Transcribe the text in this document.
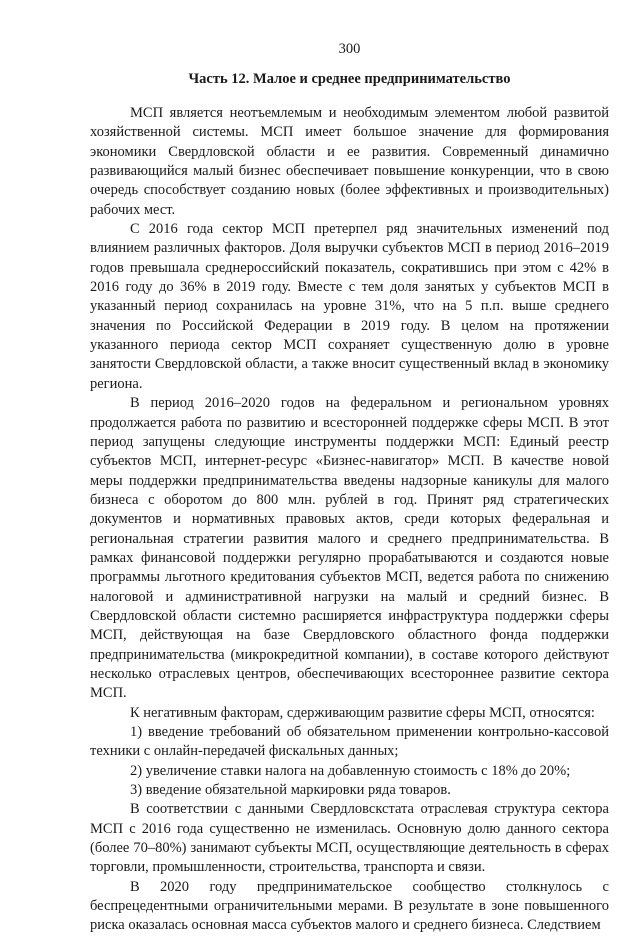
300
Часть 12. Малое и среднее предпринимательство

МСП является неотъемлемым и необходимым элементом любой развитой хозяйственной системы. МСП имеет большое значение для формирования экономики Свердловской области и ее развития. Современный динамично развивающийся малый бизнес обеспечивает повышение конкуренции, что в свою очередь способствует созданию новых (более эффективных и производительных) рабочих мест.

С 2016 года сектор МСП претерпел ряд значительных изменений под влиянием различных факторов. Доля выручки субъектов МСП в период 2016–2019 годов превышала среднероссийский показатель, сократившись при этом с 42% в 2016 году до 36% в 2019 году. Вместе с тем доля занятых у субъектов МСП в указанный период сохранилась на уровне 31%, что на 5 п.п. выше среднего значения по Российской Федерации в 2019 году. В целом на протяжении указанного периода сектор МСП сохраняет существенную долю в уровне занятости Свердловской области, а также вносит существенный вклад в экономику региона.

В период 2016–2020 годов на федеральном и региональном уровнях продолжается работа по развитию и всесторонней поддержке сферы МСП. В этот период запущены следующие инструменты поддержки МСП: Единый реестр субъектов МСП, интернет-ресурс «Бизнес-навигатор» МСП. В качестве новой меры поддержки предпринимательства введены надзорные каникулы для малого бизнеса с оборотом до 800 млн. рублей в год. Принят ряд стратегических документов и нормативных правовых актов, среди которых федеральная и региональная стратегии развития малого и среднего предпринимательства. В рамках финансовой поддержки регулярно прорабатываются и создаются новые программы льготного кредитования субъектов МСП, ведется работа по снижению налоговой и административной нагрузки на малый и средний бизнес. В Свердловской области системно расширяется инфраструктура поддержки сферы МСП, действующая на базе Свердловского областного фонда поддержки предпринимательства (микрокредитной компании), в составе которого действуют несколько отраслевых центров, обеспечивающих всестороннее развитие сектора МСП.

К негативным факторам, сдерживающим развитие сферы МСП, относятся:

1) введение требований об обязательном применении контрольно-кассовой техники с онлайн-передачей фискальных данных;

2) увеличение ставки налога на добавленную стоимость с 18% до 20%;

3) введение обязательной маркировки ряда товаров.

В соответствии с данными Свердловскстата отраслевая структура сектора МСП с 2016 года существенно не изменилась. Основную долю данного сектора (более 70–80%) занимают субъекты МСП, осуществляющие деятельность в сферах торговли, промышленности, строительства, транспорта и связи.

В 2020 году предпринимательское сообщество столкнулось с беспрецедентными ограничительными мерами. В результате в зоне повышенного риска оказалась основная масса субъектов малого и среднего бизнеса. Следствием
